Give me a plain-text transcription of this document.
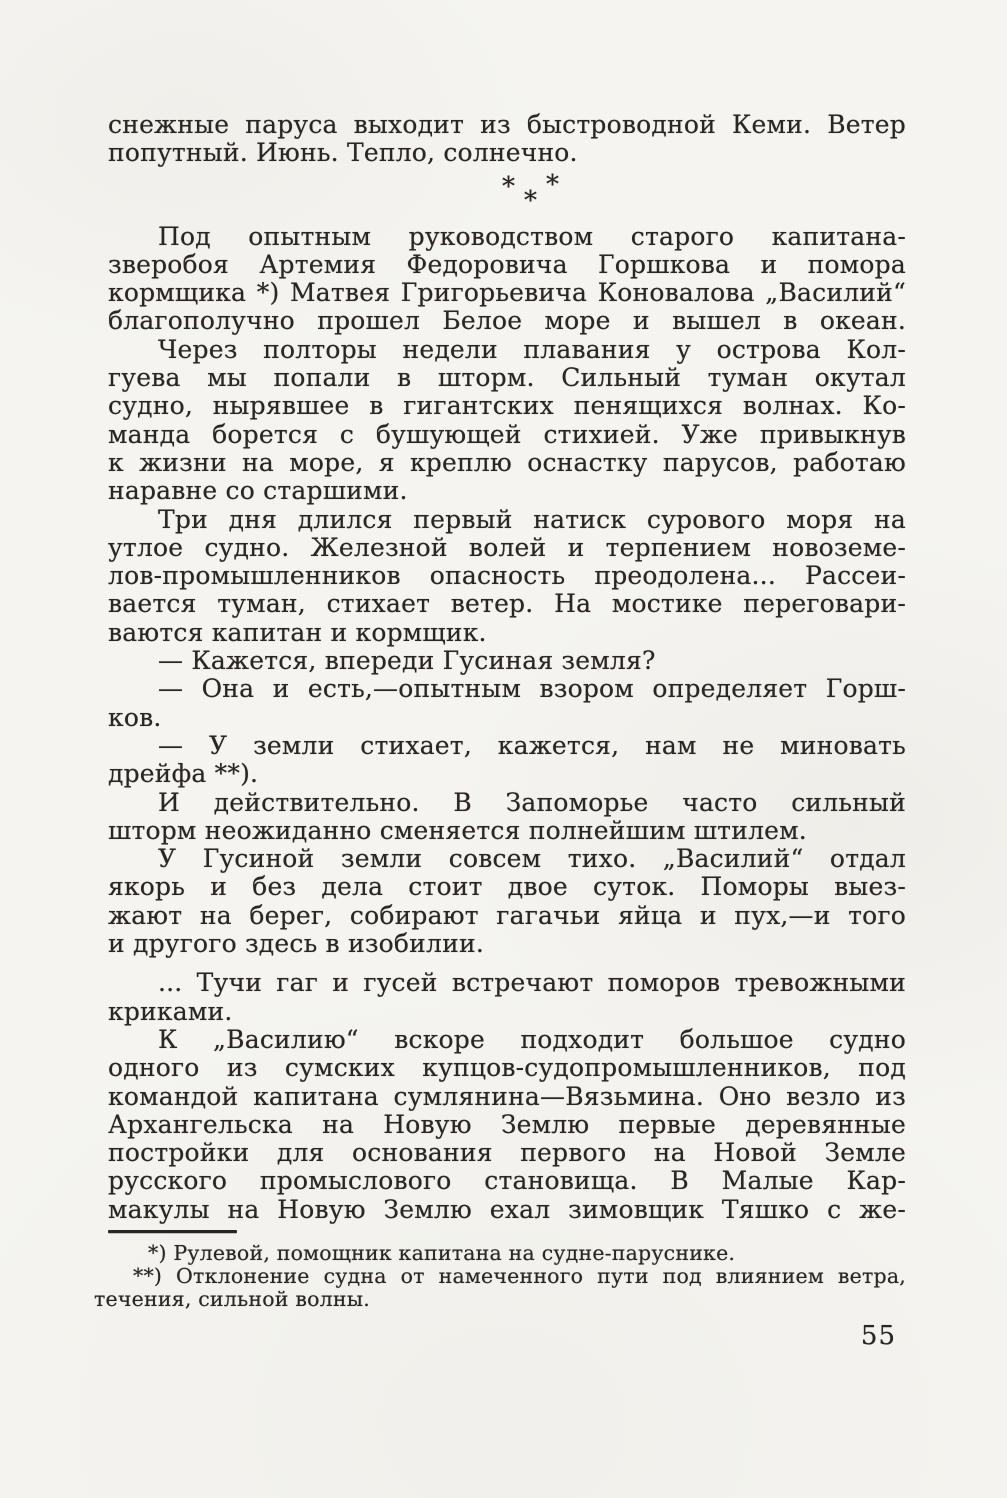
снежные паруса выходит из быстроводной Кеми. Ветер
попутный. Июнь. Тепло, солнечно.
* *
*
Под опытным руководством старого капитана-
зверобоя Артемия Федоровича Горшкова и помора
кормщика *) Матвея Григорьевича Коновалова „Василий“
благополучно прошел Белое море и вышел в океан.
Через полторы недели плавания у острова Кол-
гуева мы попали в шторм. Сильный туман окутал
судно, нырявшее в гигантских пенящихся волнах. Ко-
манда борется с бушующей стихией. Уже привыкнув
к жизни на море, я креплю оснастку парусов, работаю
наравне со старшими.
Три дня длился первый натиск сурового моря на
утлое судно. Железной волей и терпением новоземе-
лов-промышленников опасность преодолена... Рассеи-
вается туман, стихает ветер. На мостике переговари-
ваются капитан и кормщик.
— Кажется, впереди Гусиная земля?
— Она и есть,—опытным взором определяет Горш-
ков.
— У земли стихает, кажется, нам не миновать
дрейфа **).
И действительно. В Запоморье часто сильный
шторм неожиданно сменяется полнейшим штилем.
У Гусиной земли совсем тихо. „Василий“ отдал
якорь и без дела стоит двое суток. Поморы выез-
жают на берег, собирают гагачьи яйца и пух,—и того
и другого здесь в изобилии.
... Тучи гаг и гусей встречают поморов тревожными
криками.
К „Василию“ вскоре подходит большое судно
одного из сумских купцов-судопромышленников, под
командой капитана сумлянина—Вязьмина. Оно везло из
Архангельска на Новую Землю первые деревянные
постройки для основания первого на Новой Земле
русского промыслового становища. В Малые Кар-
макулы на Новую Землю ехал зимовщик Тяшко с же-
*) Рулевой, помощник капитана на судне-паруснике.
**) Отклонение судна от намеченного пути под влиянием ветра,
течения, сильной волны.
55
